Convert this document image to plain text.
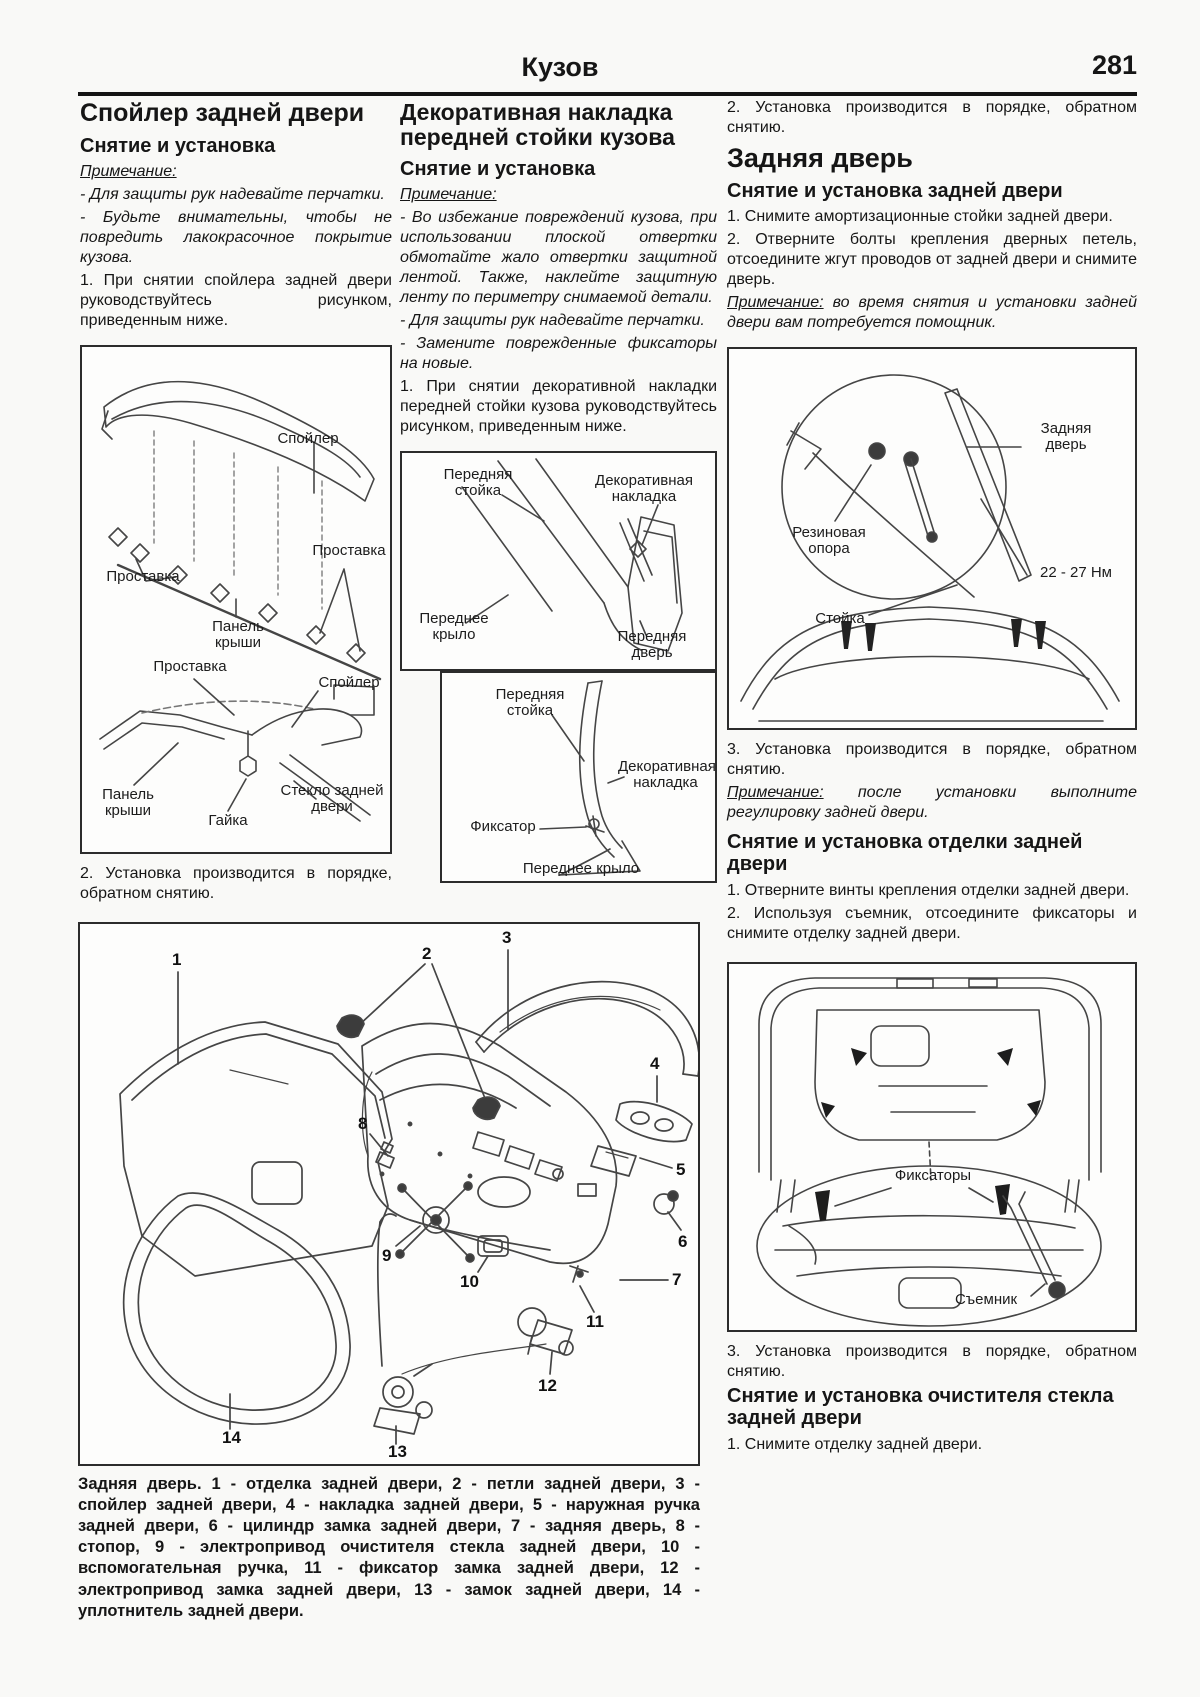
Кузов	281
Спойлер задней двери
Снятие и установка

Примечание:

- Для защиты рук надевайте перчатки.

- Будьте внимательны, чтобы не повредить лакокрасочное покрытие кузова.

1. При снятии спойлера задней двери руководствуйтесь рисунком, приведенным ниже.

Спойлер
Проставка
Проставка
Панель крыши
Проставка
Спойлер
Панель крыши
Гайка
Стекло задней двери

2. Установка производится в порядке, обратном снятию.

Декоративная накладка передней стойки кузова
Снятие и установка

Примечание:

- Во избежание повреждений кузова, при использовании плоской отвертки обмотайте жало отвертки защитной лентой. Также, наклейте защитную ленту по периметру снимаемой детали.

- Для защиты рук надевайте перчатки.

- Замените поврежденные фиксаторы на новые.

1. При снятии декоративной накладки передней стойки кузова руководствуйтесь рисунком, приведенным ниже.

Передняя стойка
Декоративная накладка
Переднее крыло	Передняя дверь
Передняя стойка
Декоративная накладка
Фиксатор
Переднее крыло

2. Установка производится в порядке, обратном снятию.

Задняя дверь
Снятие и установка задней двери

1. Снимите амортизационные стойки задней двери.

2. Отверните болты крепления дверных петель, отсоедините жгут проводов от задней двери и снимите дверь.

Примечание: во время снятия и установки задней двери вам потребуется помощник.

Задняя дверь
Резиновая опора
22 - 27 Нм
Стойка

3. Установка производится в порядке, обратном снятию.

Примечание: после установки выполните регулировку задней двери.

Снятие и установка отделки задней двери

1. Отверните винты крепления отделки задней двери.

2. Используя съемник, отсоедините фиксаторы и снимите отделку задней двери.

Фиксаторы
Съемник

3. Установка производится в порядке, обратном снятию.

Снятие и установка очистителя стекла задней двери

1. Снимите отделку задней двери.

1	2
3
4
5
6
7
8
9
10
11
12
13
14

Задняя дверь. 1 - отделка задней двери, 2 - петли задней двери, 3 - спойлер задней двери, 4 - накладка задней двери, 5 - наружная ручка задней двери, 6 - цилиндр замка задней двери, 7 - задняя дверь, 8 - стопор, 9 - электропривод очистителя стекла задней двери, 10 - вспомогательная ручка, 11 - фиксатор замка задней двери, 12 - электропривод замка задней двери, 13 - замок задней двери, 14 - уплотнитель задней двери.
